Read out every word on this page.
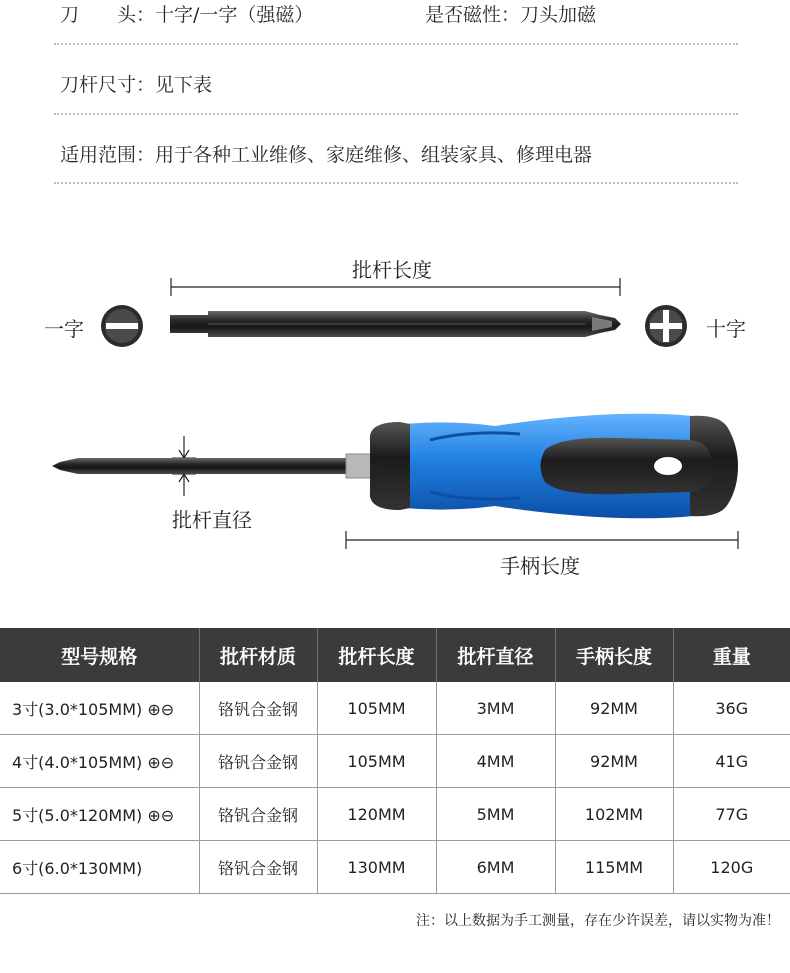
刀　　头：十字/一字（强磁）	是否磁性：刀头加磁
刀杆尺寸：见下表
适用范围：用于各种工业维修、家庭维修、组装家具、修理电器
批杆长度
一字	十字
批杆直径
手柄长度
型号规格	批杆材质	批杆长度	批杆直径	手柄长度	重量
3寸(3.0*105MM) ⊕⊖	铬钒合金钢	105MM	3MM	92MM	36G
4寸(4.0*105MM) ⊕⊖	铬钒合金钢	105MM	4MM	92MM	41G
5寸(5.0*120MM) ⊕⊖	铬钒合金钢	120MM	5MM	102MM	77G
6寸(6.0*130MM)	铬钒合金钢	130MM	6MM	115MM	120G
注：以上数据为手工测量，存在少许误差，请以实物为准！
